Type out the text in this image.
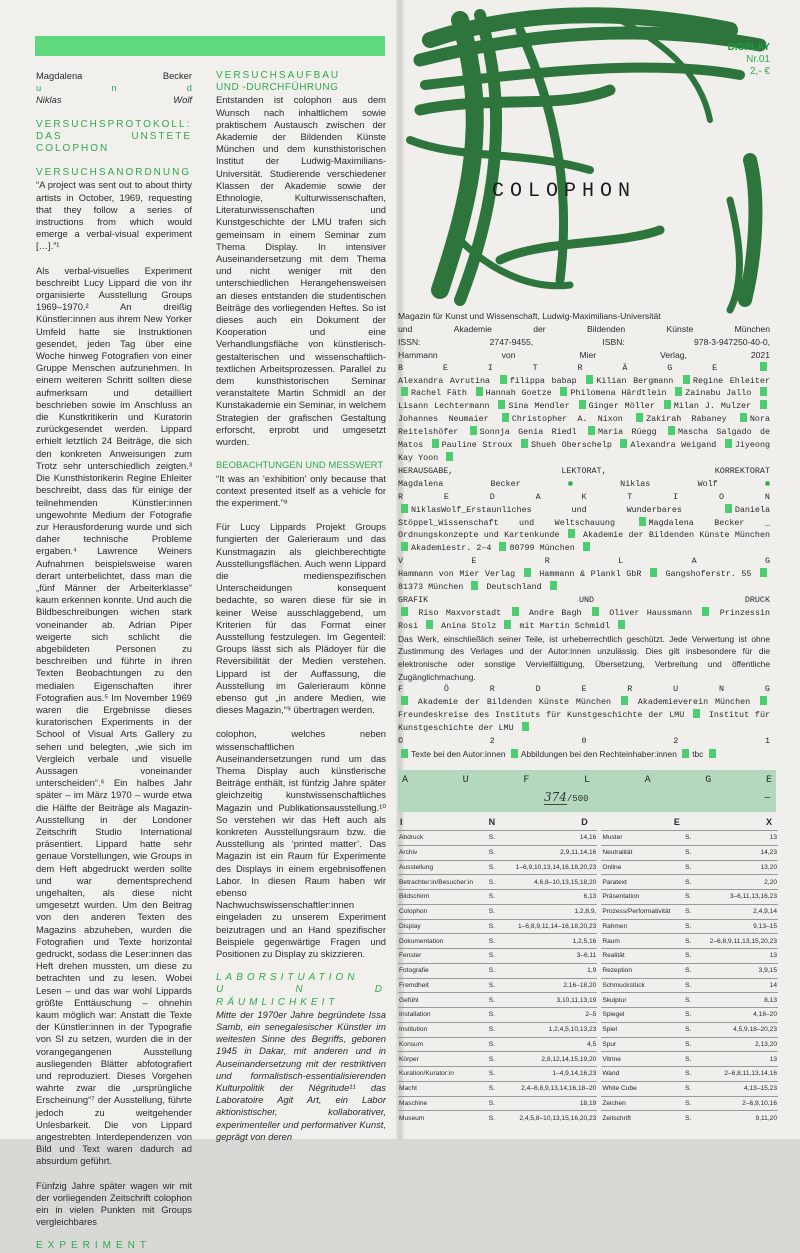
Magdalena	Becker
u	n	d
Niklas	Wolf
VERSUCHSPROTOKOLL:
DAS UNSTETE COLOPHON
VERSUCHSANORDNUNG

“A project was sent out to about thirty artists in October, 1969, requesting that they follow a series of instructions from which would emerge a verbal-visual experiment […].”¹

Als verbal-visuelles Experiment beschreibt Lucy Lippard die von ihr organisierte Ausstellung Groups 1969–1970.² An dreißig Künstler:innen aus ihrem New Yorker Umfeld hatte sie Instruktionen gesendet, jeden Tag über eine Woche hinweg Fotografien von einer Gruppe Menschen aufzunehmen. In einem weiteren Schritt sollten diese aufmerksam und detailliert beschrieben sowie im Anschluss an die Kunstkritikerin und Kuratorin zurückgesendet werden. Lippard erhielt letztlich 24 Beiträge, die sich den konkreten Anweisungen zum Trotz sehr unterschiedlich zeigten.³ Die Kunsthistorikerin Regine Ehleiter beschreibt, dass das für einige der teilnehmenden Künstler:innen ungewohnte Medium der Fotografie zur Herausforderung wurde und sich daher technische Probleme ergaben.⁴ Lawrence Weiners Aufnahmen beispielsweise waren derart unterbelichtet, dass man die „fünf Männer der Arbeiterklasse“ kaum erkennen konnte. Und auch die Bildbeschreibungen wichen stark voneinander ab. Adrian Piper weigerte sich schlicht die abgebildeten Personen zu beschreiben und führte in ihren Texten Beobachtungen zu den medialen Eigenschaften ihrer Fotografien aus.⁵ Im November 1969 waren die Ergebnisse dieses kuratorischen Experiments in der School of Visual Arts Gallery zu sehen und belegten, „wie sich im Vergleich verbale und visuelle Aussagen voneinander unterscheiden“.⁶ Ein halbes Jahr später – im März 1970 – wurde etwa die Hälfte der Beiträge als Magazin-Ausstellung in der Londoner Zeitschrift Studio International präsentiert. Lippard hatte sehr genaue Vorstellungen, wie Groups in dem Heft abgedruckt werden sollte und war dementsprechend ungehalten, als diese nicht umgesetzt wurden. Um den Beitrag von den anderen Texten des Magazins abzuheben, wurden die Fotografien und Texte horizontal gedruckt, sodass die Leser:innen das Heft drehen mussten, um diese zu betrachten und zu lesen. Wobei Lesen – und das war wohl Lippards größte Enttäuschung – ohnehin kaum möglich war: Anstatt die Texte der Künstler:innen in der Typografie von SI zu setzen, wurden die in der vorangegangenen Ausstellung ausliegenden Blätter abfotografiert und reproduziert. Dieses Vorgehen wahrte zwar die „ursprüngliche Erscheinung“⁷ der Ausstellung, führte jedoch zu weitgehender Unlesbarkeit. Die von Lippard angestrebten Interdependenzen von Bild und Text waren dadurch ad absurdum geführt.

Fünfzig Jahre später wagen wir mit der vorliegenden Zeitschrift colophon ein in vielen Punkten mit Groups vergleichbares

EXPERIMENT
VERSUCHSAUFBAU
UND -DURCHFÜHRUNG

Entstanden ist colophon aus dem Wunsch nach inhaltlichem sowie praktischem Austausch zwischen der Akademie der Bildenden Künste München und dem kunsthistorischen Institut der Ludwig-Maximilians-Universität. Studierende verschiedener Klassen der Akademie sowie der Ethnologie, Kulturwissenschaften, Literaturwissenschaften und Kunstgeschichte der LMU trafen sich gemeinsam in einem Seminar zum Thema Display. In intensiver Auseinandersetzung mit dem Thema und nicht weniger mit den unterschiedlichen Herangehensweisen an dieses entstanden die studentischen Beiträge des vorliegenden Heftes. So ist dieses auch ein Dokument der Kooperation und eine Verhandlungsfläche von künstlerisch-gestalterischen und wissenschaftlich-textlichen Arbeitsprozessen. Parallel zu dem kunsthistorischen Seminar veranstaltete Martin Schmidl an der Kunstakademie ein Seminar, in welchem Strategien der grafischen Gestaltung erforscht, erprobt und umgesetzt wurden.

BEOBACHTUNGEN UND MESSWERT

“It was an ‘exhibition’ only because that context presented itself as a vehicle for the experiment.”⁸

Für Lucy Lippards Projekt Groups fungierten der Galerieraum und das Kunstmagazin als gleichberechtigte Ausstellungsflächen. Auch wenn Lippard die medienspezifischen Unterscheidungen konsequent bedachte, so waren diese für sie in keiner Weise ausschlaggebend, um Kriterien für das Format einer Ausstellung festzulegen. Im Gegenteil: Groups lässt sich als Plädoyer für die Reversibilität der Medien verstehen. Lippard ist der Auffassung, die Ausstellung im Galerieraum könne ebenso gut „in andere Medien, wie dieses Magazin,“⁹ übertragen werden.

colophon, welches neben wissenschaftlichen Auseinandersetzungen rund um das Thema Display auch künstlerische Beiträge enthält, ist fünfzig Jahre später gleichzeitig kunstwissenschaftliches Magazin und Publikationsausstellung.¹⁰ So verstehen wir das Heft auch als konkreten Ausstellungsraum bzw. die Ausstellung als ‘printed matter’. Das Magazin ist ein Raum für Experimente des Displays in einem ergebnisoffenen Labor. In diesen Raum haben wir ebenso Nachwuchswissenschaftler:innen eingeladen zu unserem Experiment beizutragen und an Hand spezifischer Beispiele gegenwärtige Fragen und Positionen zu Display zu skizzieren.

LABORSITUATION
U	N	D
RÄUMLICHKEIT

Mitte der 1970er Jahre begründete Issa Samb, ein senegalesischer Künstler im weitesten Sinne des Begriffs, geboren 1945 in Dakar, mit anderen und in Auseinandersetzung mit der restriktiven und formalistisch-essentialisierenden Kulturpolitik der Négritude¹¹ das Laboratoire Agit Art, ein Labor aktionistischer, kollaborativer, experimenteller und performativer Kunst, geprägt von deren

DISPLAY
Nr.01
2,- €
COLOPHON
Magazin für Kunst und Wissenschaft, Ludwig-Maximilians-Universität
und	Akademie	der	Bildenden	Künste	München
ISSN:	2747-9455,	ISBN:	978-3-947250-40-0,
Hammann	von	Mier	Verlag,	2021
B	E	I	T	R	Ä	G	E
Alexandra Avrutina filippa babap Kilian Bergmann Regine Ehleiter Rachel Fäth Hannah Goetze Philomena Härdtlein Zainabu Jallo Lisann Lechtermann Sina Mendler Ginger Möller Milan J. Mulzer Johannes Neumaier Christopher A. Nixon Zakirah Rabaney Nora Reitelshöfer Sonnja Genia Riedl Maria Rüegg Mascha Salgado de Matos Pauline Stroux Shueh Oberschelp Alexandra Weigand Jiyeong Kay Yoon
HERAUSGABE,	LEKTORAT,	KORREKTORAT
Magdalena	Becker	■	Niklas	Wolf	■
R	E	D	A	K	T	I	O	N
NiklasWolf_Erstaunliches und Wunderbares Daniela Stöppel_Wissenschaft und Weltschauung Magdalena Becker _ Ordnungskonzepte und Kartenkunde  Akademie der Bildenden Künste München Akademiestr. 2–4 80799 München
V	E	R	L	A	G
Hammann von Mier Verlag  Hammann & Plankl GbR  Gangshoferstr. 55  81373 München  Deutschland
GRAFIK	UND	DRUCK
Riso Maxvorstadt  Andre Bagh  Oliver Haussmann  Prinzessin Rosi  Anina Stolz  mit Martin Schmidl
Das Werk, einschließlich seiner Teile, ist urheberrechtlich geschützt. Jede Verwertung ist ohne Zustimmung des Verlages und der Autor:innen unzulässig. Dies gilt insbesondere für die elektronische oder sonstige Vervielfältigung, Übersetzung, Verbreitung und öffentliche Zugänglichmachung.
F	Ö	R	D	E	R	U	N	G
Akademie der Bildenden Künste München  Akademieverein München  Freundeskreise des Instituts für Kunstgeschichte der LMU  Institut für Kunstgeschichte der LMU
©	2	0	2	1
Texte bei den Autor:innen Abbildungen bei den Rechteinhaber:innen tbc
A	U	F	L	A	G	E
374/500	–
I	N	D	E	X
Abdruck	S.	14,16		Muster	S.	13
Archiv	S.	2,9,11,14,16		Neutralität	S.	14,23
Ausstellung	S.	1–6,9,10,13,14,16,18,20,23		Online	S.	13,20
Betrachter:in/Besucher:in	S.	4,6,8–10,13,15,18,20		Paratext	S.	2,20
Bildschirm	S.	6,13		Präsentation	S.	3–6,11,13,16,23
Colophon	S.	1,2,8,9,		Prozess/Performativität	S.	2,4,9,14
Display	S.	1–6,8,9,11,14–16,18,20,23		Rahmen	S.	9,13–15
Dokumentation	S.	1,2,5,16		Raum	S.	2–6,8,9,11,13,15,20,23
Fenster	S.	3–6,11		Realität	S.	13
Fotografie	S.	1,9		Rezeption	S.	3,9,15
Fremdheit	S.	2,16–18,20		Schmuckstück	S.	14
Gefühl	S.	3,10,11,13,19		Skulptur	S.	8,13
Installation	S.	2–5		Spiegel	S.	4,18–20
Institution	S.	1,2,4,5,10,13,23		Spiel	S.	4,5,9,18–20,23
Konsum	S.	4,5		Spur	S.	2,13,20
Körper	S.	2,8,12,14,15,19,20		Vitrine	S.	13
Kuration/Kurator:in	S.	1–4,9,14,16,23		Wand	S.	2–6,8,11,13,14,16
Macht	S.	2,4–6,8,9,13,14,16,18–20		White Cube	S.	4,13–15,23
Maschine	S.	18,19		Zeichen	S.	2–6,9,10,16
Museum	S.	2,4,5,8–10,13,15,16,20,23		Zeitschrift	S.	9,11,20
